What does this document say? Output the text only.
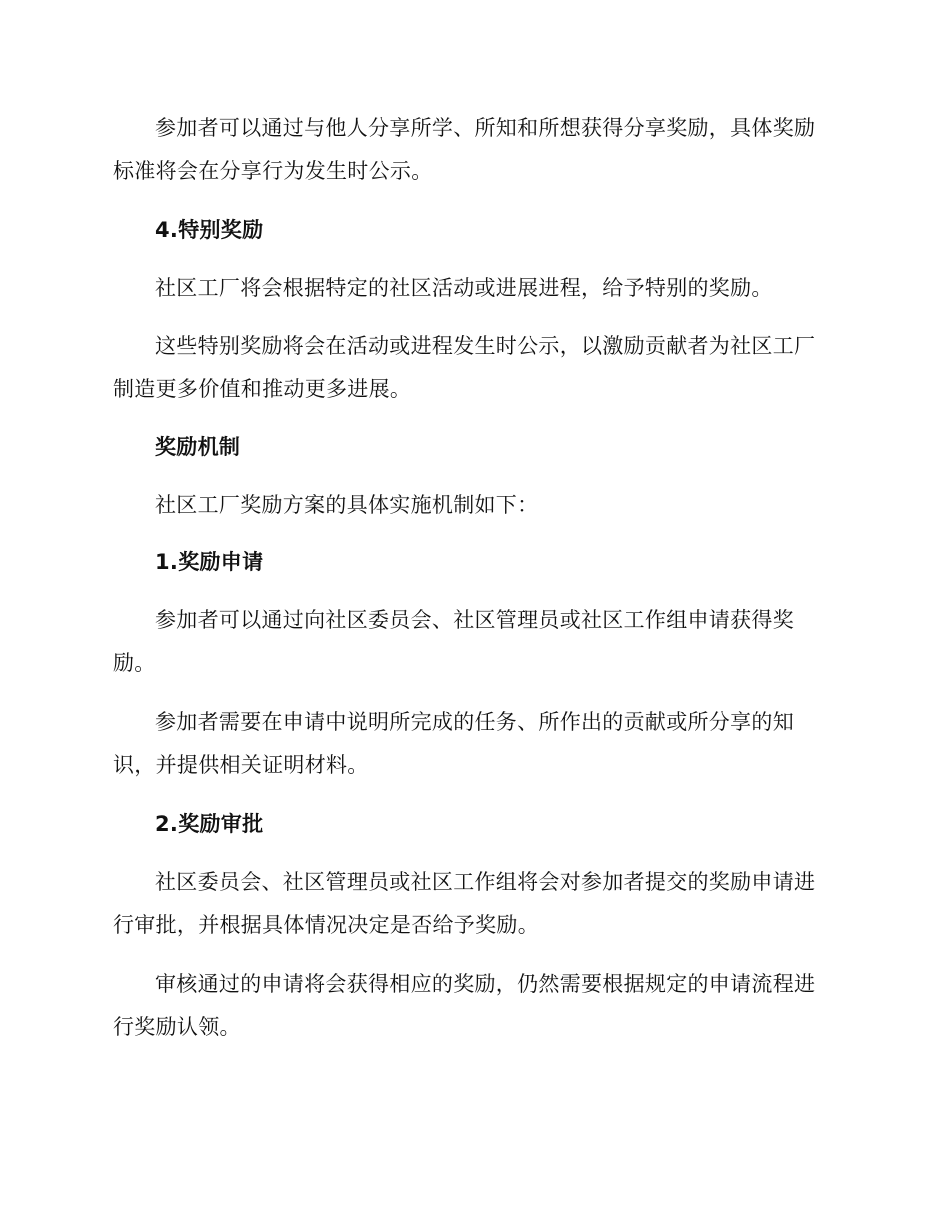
参加者可以通过与他人分享所学、所知和所想获得分享奖励，具体奖励标准将会在分享行为发生时公示。

4.特别奖励

社区工厂将会根据特定的社区活动或进展进程，给予特别的奖励。

这些特别奖励将会在活动或进程发生时公示，以激励贡献者为社区工厂制造更多价值和推动更多进展。

奖励机制

社区工厂奖励方案的具体实施机制如下：

1.奖励申请

参加者可以通过向社区委员会、社区管理员或社区工作组申请获得奖励。

参加者需要在申请中说明所完成的任务、所作出的贡献或所分享的知识，并提供相关证明材料。

2.奖励审批

社区委员会、社区管理员或社区工作组将会对参加者提交的奖励申请进行审批，并根据具体情况决定是否给予奖励。

审核通过的申请将会获得相应的奖励，仍然需要根据规定的申请流程进行奖励认领。
